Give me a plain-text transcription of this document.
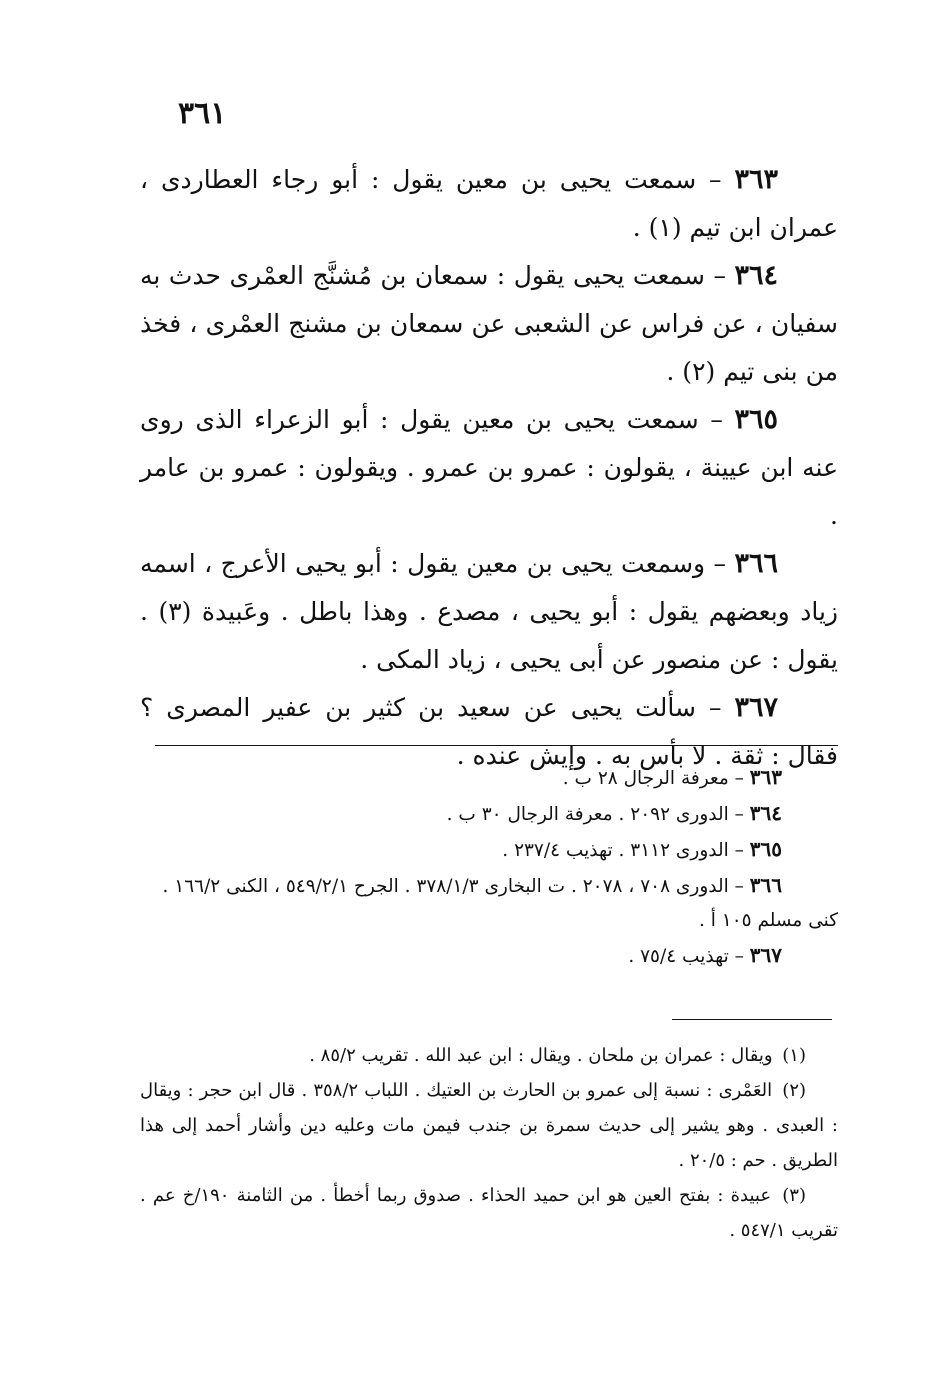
٣٦١

٣٦٣ – سمعت يحيى بن معين يقول : أبو رجاء العطاردى ، عمران ابن تيم (١) .

٣٦٤ – سمعت يحيى يقول : سمعان بن مُشنَّج العمْرى حدث به سفيان ، عن فراس عن الشعبى عن سمعان بن مشنج العمْرى ، فخذ من بنى تيم (٢) .

٣٦٥ – سمعت يحيى بن معين يقول : أبو الزعراء الذى روى عنه ابن عيينة ، يقولون : عمرو بن عمرو . ويقولون : عمرو بن عامر .

٣٦٦ – وسمعت يحيى بن معين يقول : أبو يحيى الأعرج ، اسمه زياد وبعضهم يقول : أبو يحيى ، مصدع . وهذا باطل . وعَبيدة (٣) . يقول : عن منصور عن أبى يحيى ، زياد المكى .

٣٦٧ – سألت يحيى عن سعيد بن كثير بن عفير المصرى ؟ فقال : ثقة . لا بأس به . وإيش عنده .

٣٦٣ – معرفة الرجال ٢٨ ب .

٣٦٤ – الدورى ٢٠٩٢ . معرفة الرجال ٣٠ ب .

٣٦٥ – الدورى ٣١١٢ . تهذيب ٢٣٧/٤ .

٣٦٦ – الدورى ٧٠٨ ، ٢٠٧٨ . ت البخارى ٣٧٨/١/٣ . الجرح ٥٤٩/٢/١ ، الكنى ١٦٦/٢ . كنى مسلم ١٠٥ أ .

٣٦٧ – تهذيب ٧٥/٤ .

(١) ويقال : عمران بن ملحان . ويقال : ابن عبد الله . تقريب ٨٥/٢ .

(٢) العَمْرى : نسبة إلى عمرو بن الحارث بن العتيك . اللباب ٣٥٨/٢ . قال ابن حجر : ويقال : العبدى . وهو يشير إلى حديث سمرة بن جندب فيمن مات وعليه دين وأشار أحمد إلى هذا الطريق . حم : ٢٠/٥ .

(٣) عبيدة : بفتح العين هو ابن حميد الحذاء . صدوق ربما أخطأ . من الثامنة ١٩٠/خ عم . تقريب ٥٤٧/١ .
